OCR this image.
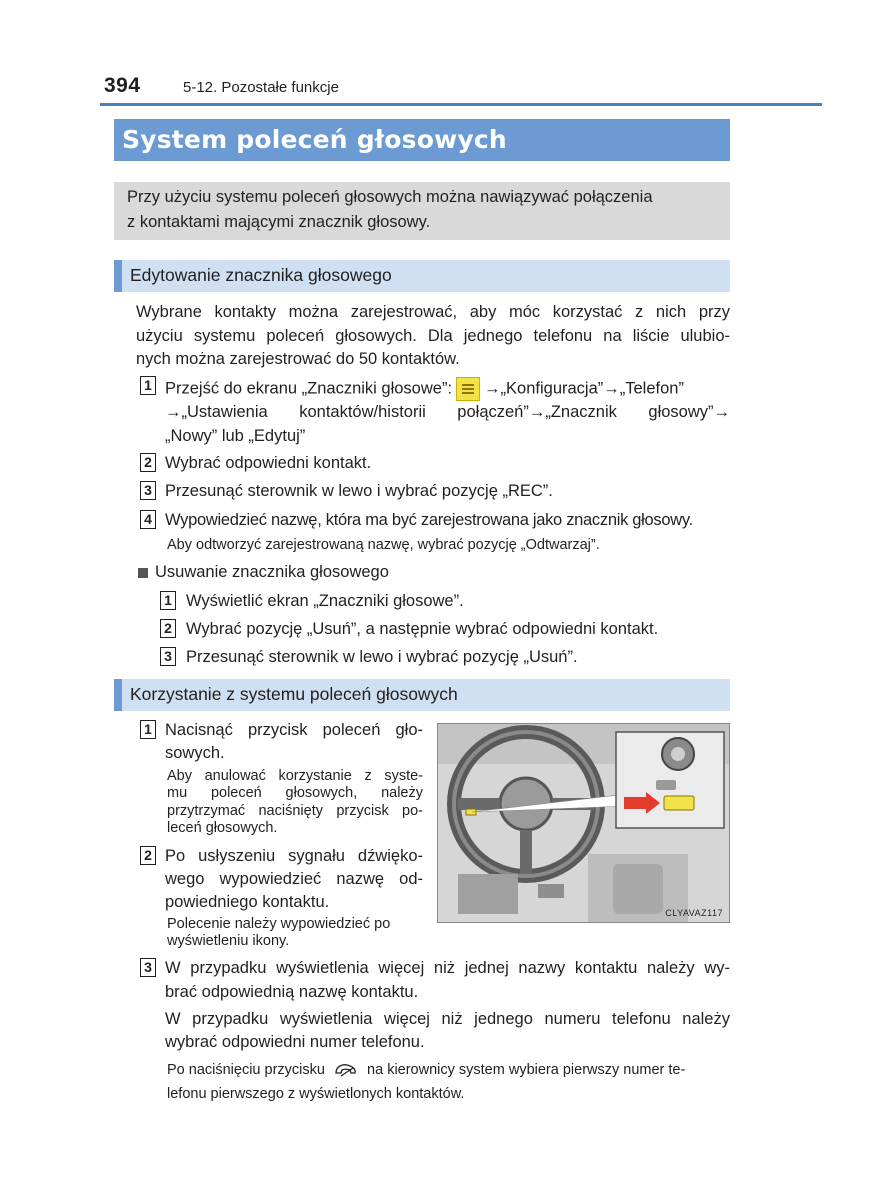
394	5-12. Pozostałe funkcje
System poleceń głosowych
Przy użyciu systemu poleceń głosowych można nawiązywać połączenia
z kontaktami mającymi znacznik głosowy.
Edytowanie znacznika głosowego
Wybrane kontakty można zarejestrować, aby móc korzystać z nich przy
użyciu systemu poleceń głosowych. Dla jednego telefonu na liście ulubio-
nych można zarejestrować do 50 kontaktów.
1 Przejść do ekranu „Znaczniki głosowe”: →„Konfiguracja”→„Telefon”
→„Ustawienia kontaktów/historii połączeń”→„Znacznik głosowy”→
„Nowy” lub „Edytuj”
2 Wybrać odpowiedni kontakt.
3 Przesunąć sterownik w lewo i wybrać pozycję „REC”.
4 Wypowiedzieć nazwę, która ma być zarejestrowana jako znacznik głosowy.
Aby odtworzyć zarejestrowaną nazwę, wybrać pozycję „Odtwarzaj”.
Usuwanie znacznika głosowego
1 Wyświetlić ekran „Znaczniki głosowe”.
2 Wybrać pozycję „Usuń”, a następnie wybrać odpowiedni kontakt.
3 Przesunąć sterownik w lewo i wybrać pozycję „Usuń”.
Korzystanie z systemu poleceń głosowych
1 Nacisnąć przycisk poleceń gło-
sowych.
Aby anulować korzystanie z syste-
mu poleceń głosowych, należy
przytrzymać naciśnięty przycisk po-
leceń głosowych.
2 Po usłyszeniu sygnału dźwięko-
wego wypowiedzieć nazwę od-
powiedniego kontaktu.
Polecenie należy wypowiedzieć po
wyświetleniu ikony.
CLYAVAZ117
3 W przypadku wyświetlenia więcej niż jednej nazwy kontaktu należy wy-
brać odpowiednią nazwę kontaktu.
W przypadku wyświetlenia więcej niż jednego numeru telefonu należy
wybrać odpowiedni numer telefonu.
Po naciśnięciu przycisku	na kierownicy system wybiera pierwszy numer te-
lefonu pierwszego z wyświetlonych kontaktów.
